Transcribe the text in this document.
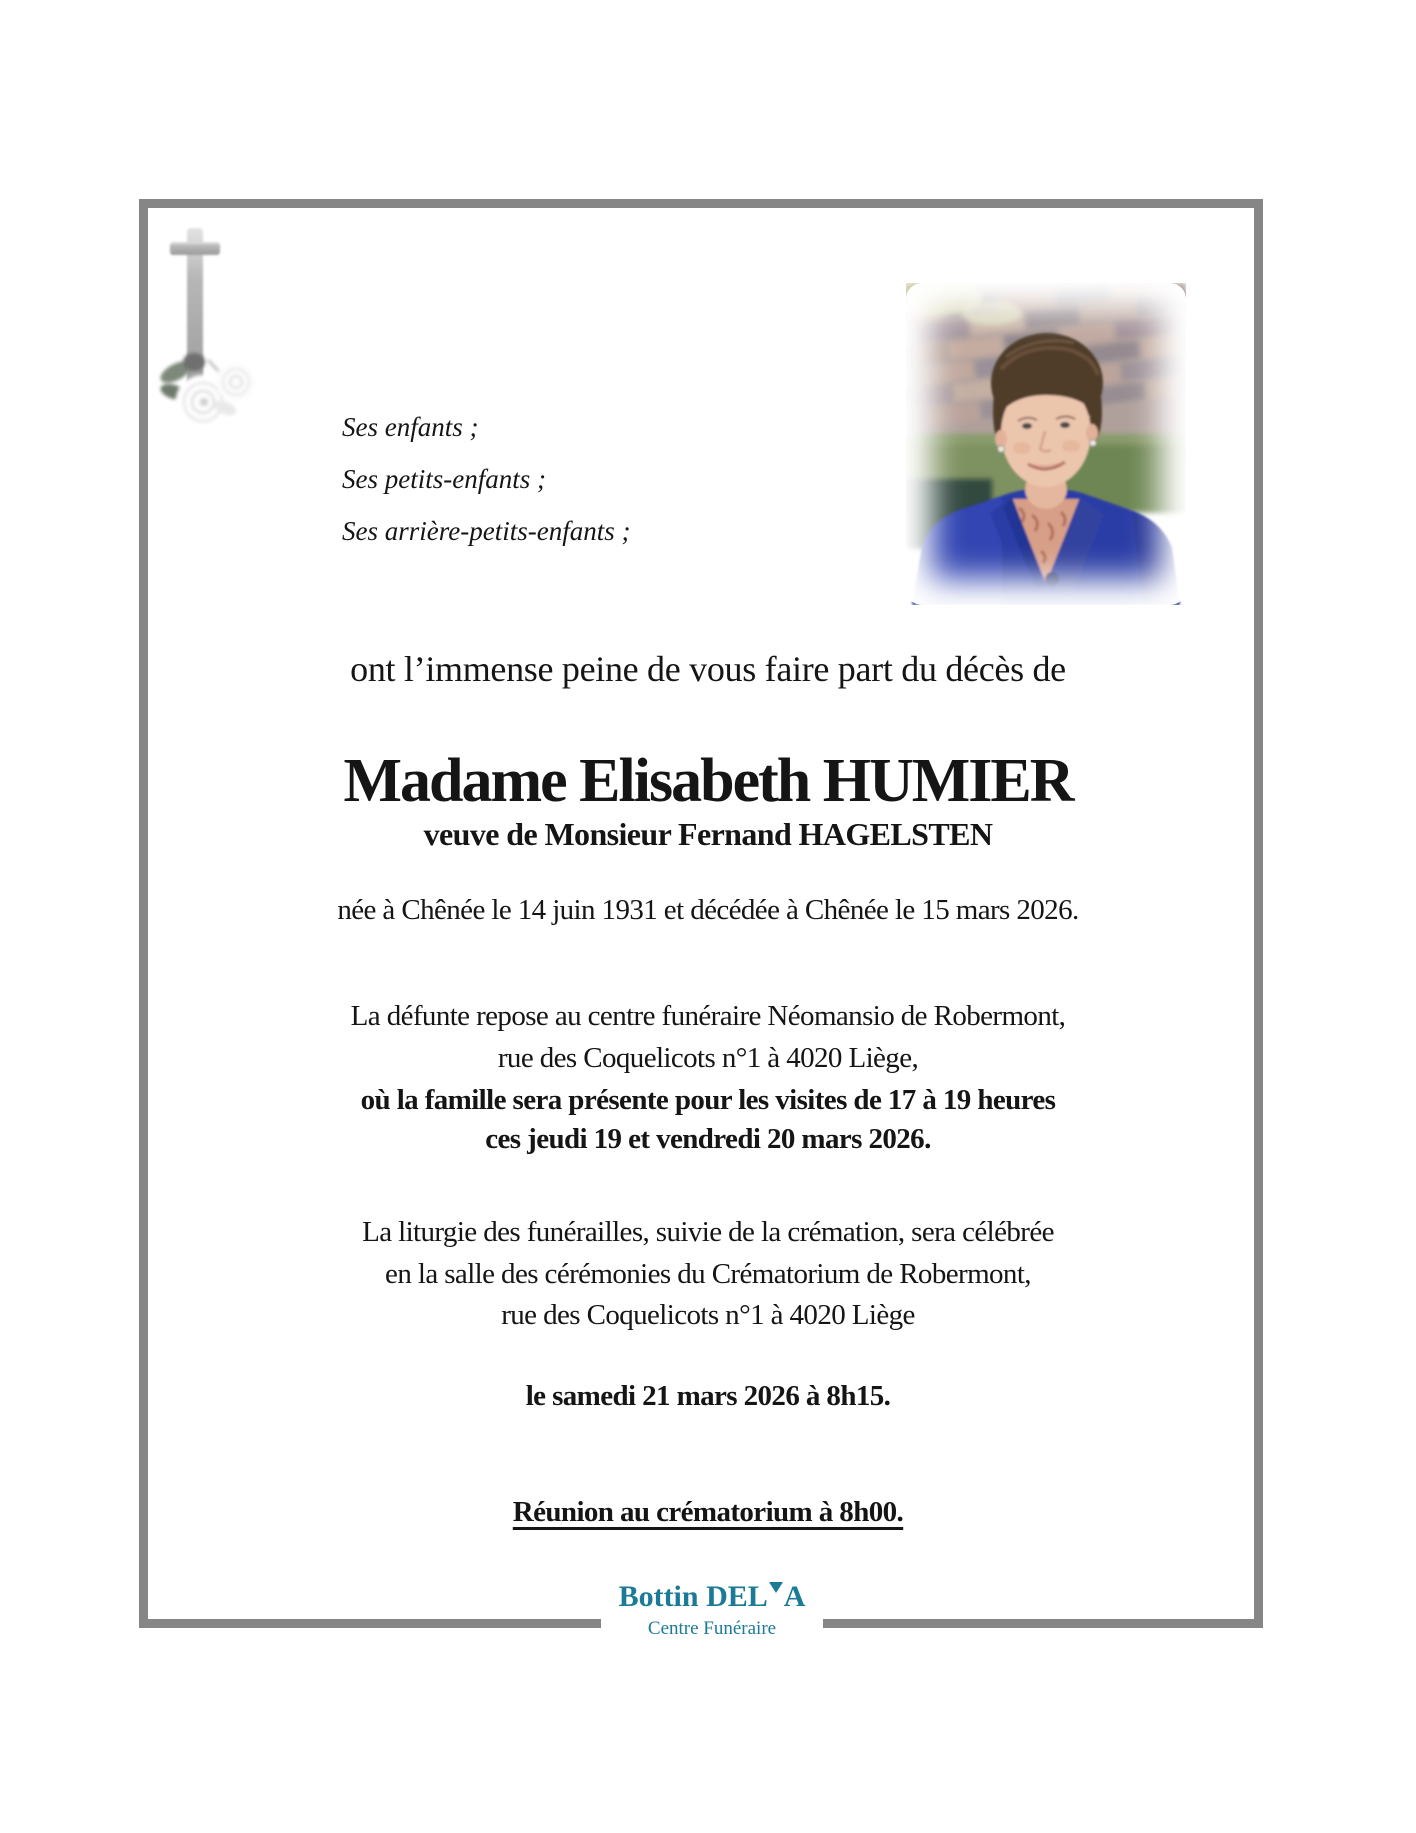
Ses enfants ;
Ses petits-enfants ;
Ses arrière-petits-enfants ;
ont l’immense peine de vous faire part du décès de
Madame Elisabeth HUMIER
veuve de Monsieur Fernand HAGELSTEN
née à Chênée le 14 juin 1931 et décédée à Chênée le 15 mars 2026.
La défunte repose au centre funéraire Néomansio de Robermont,
rue des Coquelicots n°1 à 4020 Liège,
où la famille sera présente pour les visites de 17 à 19 heures
ces jeudi 19 et vendredi 20 mars 2026.
La liturgie des funérailles, suivie de la crémation, sera célébrée
en la salle des cérémonies du Crématorium de Robermont,
rue des Coquelicots n°1 à 4020 Liège
le samedi 21 mars 2026 à 8h15.
Réunion au crématorium à 8h00.
Bottin DEL A
Centre Funéraire
